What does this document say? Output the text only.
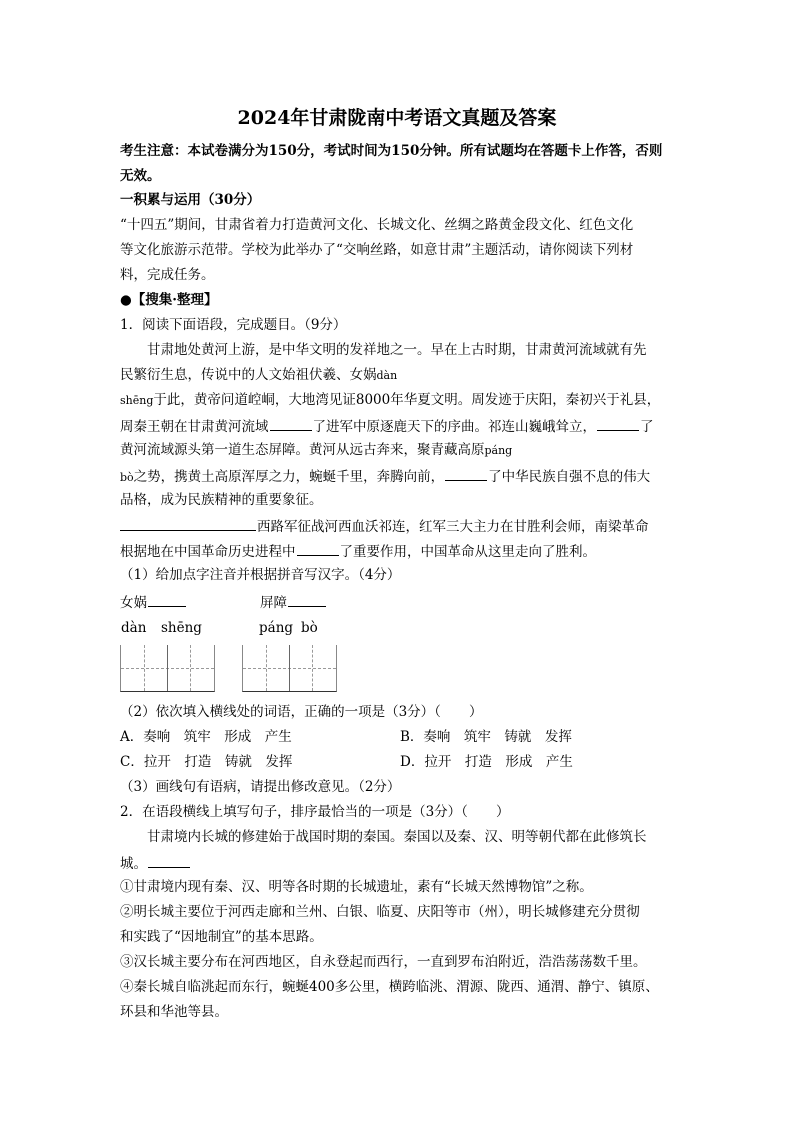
2024年甘肃陇南中考语文真题及答案
考生注意：本试卷满分为150分，考试时间为150分钟。所有试题均在答题卡上作答，否则
无效。
一积累与运用（30分）
“十四五”期间，甘肃省着力打造黄河文化、长城文化、丝绸之路黄金段文化、红色文化
等文化旅游示范带。学校为此举办了“交响丝路，如意甘肃”主题活动，请你阅读下列材
料，完成任务。
●【搜集·整理】
1．阅读下面语段，完成题目。（9分）
甘肃地处黄河上游，是中华文明的发祥地之一。早在上古时期，甘肃黄河流域就有先
民繁衍生息，传说中的人文始祖伏羲、女娲dàn
shēng于此，黄帝问道崆峒，大地湾见证8000年华夏文明。周发迹于庆阳，秦初兴于礼县，
周秦王朝在甘肃黄河流域	了进军中原逐鹿天下的序曲。祁连山巍峨耸立，	了
黄河流域源头第一道生态屏障。黄河从远古奔来，聚青藏高原páng
bò之势，携黄土高原浑厚之力，蜿蜒千里，奔腾向前，	了中华民族自强不息的伟大
品格，成为民族精神的重要象征。
西路军征战河西血沃祁连，红军三大主力在甘胜利会师，南梁革命
根据地在中国革命历史进程中	了重要作用，中国革命从这里走向了胜利。
（1）给加点字注音并根据拼音写汉字。（4分）
女娲	屏障
dàn shēng	páng bò
（2）依次填入横线处的词语，正确的一项是（3分）（ ）
A．奏响　筑牢　形成　产生	B．奏响　筑牢　铸就　发挥
C．拉开　打造　铸就　发挥	D．拉开　打造　形成　产生
（3）画线句有语病，请提出修改意见。（2分）
2．在语段横线上填写句子，排序最恰当的一项是（3分）（ ）
甘肃境内长城的修建始于战国时期的秦国。秦国以及秦、汉、明等朝代都在此修筑长
城。
①甘肃境内现有秦、汉、明等各时期的长城遗址，素有“长城天然博物馆”之称。
②明长城主要位于河西走廊和兰州、白银、临夏、庆阳等市（州），明长城修建充分贯彻
和实践了“因地制宜”的基本思路。
③汉长城主要分布在河西地区，自永登起而西行，一直到罗布泊附近，浩浩荡荡数千里。
④秦长城自临洮起而东行，蜿蜒400多公里，横跨临洮、渭源、陇西、通渭、静宁、镇原、
环县和华池等县。
